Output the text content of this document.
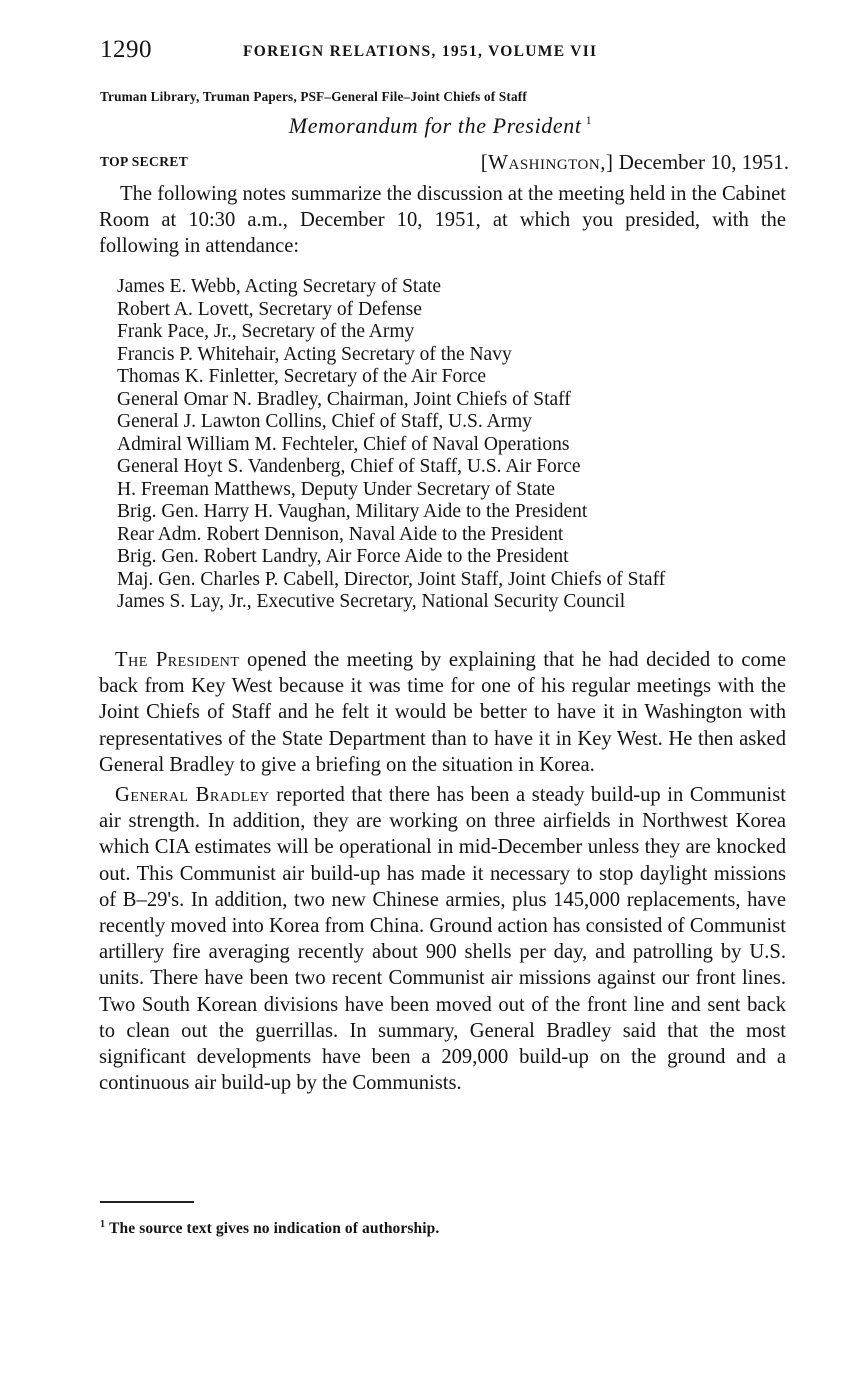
1290	FOREIGN RELATIONS, 1951, VOLUME VII
Truman Library, Truman Papers, PSF–General File–Joint Chiefs of Staff
Memorandum for the President $^1$
TOP SECRET	[Washington,] December 10, 1951.

The following notes summarize the discussion at the meeting held in the Cabinet Room at 10:30 a.m., December 10, 1951, at which you presided, with the following in attendance:

James E. Webb, Acting Secretary of State
Robert A. Lovett, Secretary of Defense
Frank Pace, Jr., Secretary of the Army
Francis P. Whitehair, Acting Secretary of the Navy
Thomas K. Finletter, Secretary of the Air Force
General Omar N. Bradley, Chairman, Joint Chiefs of Staff
General J. Lawton Collins, Chief of Staff, U.S. Army
Admiral William M. Fechteler, Chief of Naval Operations
General Hoyt S. Vandenberg, Chief of Staff, U.S. Air Force
H. Freeman Matthews, Deputy Under Secretary of State
Brig. Gen. Harry H. Vaughan, Military Aide to the President
Rear Adm. Robert Dennison, Naval Aide to the President
Brig. Gen. Robert Landry, Air Force Aide to the President
Maj. Gen. Charles P. Cabell, Director, Joint Staff, Joint Chiefs of Staff
James S. Lay, Jr., Executive Secretary, National Security Council

The President opened the meeting by explaining that he had decided to come back from Key West because it was time for one of his regular meetings with the Joint Chiefs of Staff and he felt it would be better to have it in Washington with representatives of the State Department than to have it in Key West. He then asked General Bradley to give a briefing on the situation in Korea.

General Bradley reported that there has been a steady build-up in Communist air strength. In addition, they are working on three airfields in Northwest Korea which CIA estimates will be operational in mid-December unless they are knocked out. This Communist air build-up has made it necessary to stop daylight missions of B–29's. In addition, two new Chinese armies, plus 145,000 replacements, have recently moved into Korea from China. Ground action has consisted of Communist artillery fire averaging recently about 900 shells per day, and patrolling by U.S. units. There have been two recent Communist air missions against our front lines. Two South Korean divisions have been moved out of the front line and sent back to clean out the guerrillas. In summary, General Bradley said that the most significant developments have been a 209,000 build-up on the ground and a continuous air build-up by the Communists.

$^1$ The source text gives no indication of authorship.
